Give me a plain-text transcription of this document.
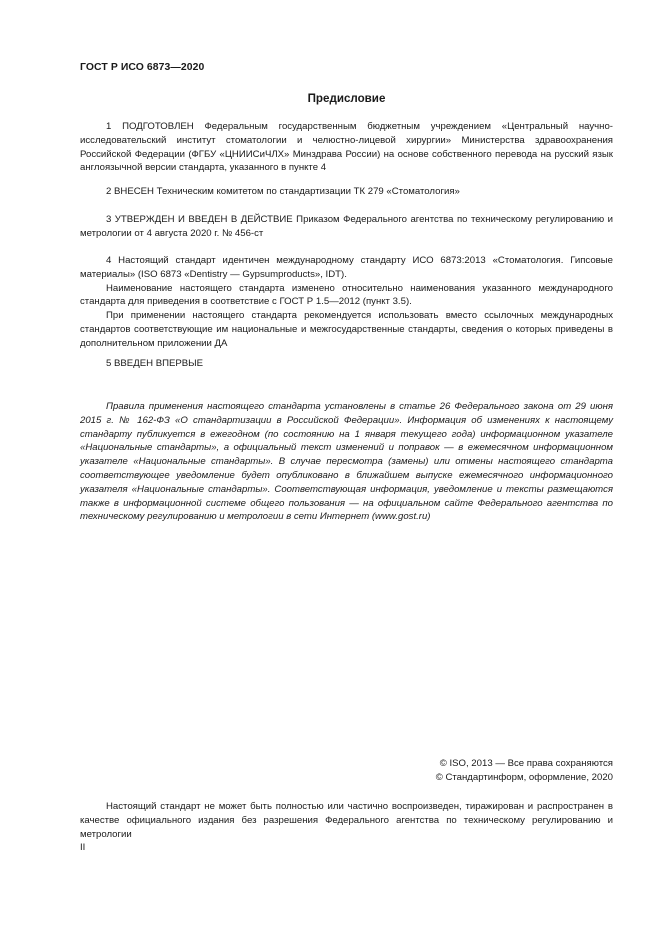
ГОСТ Р ИСО 6873—2020
Предисловие

1 ПОДГОТОВЛЕН Федеральным государственным бюджетным учреждением «Центральный научно-исследовательский институт стоматологии и челюстно-лицевой хирургии» Министерства здравоохранения Российской Федерации (ФГБУ «ЦНИИСиЧЛХ» Минздрава России) на основе собственного перевода на русский язык англоязычной версии стандарта, указанного в пункте 4

2 ВНЕСЕН Техническим комитетом по стандартизации ТК 279 «Стоматология»

3 УТВЕРЖДЕН И ВВЕДЕН В ДЕЙСТВИЕ Приказом Федерального агентства по техническому регулированию и метрологии от 4 августа 2020 г. № 456-ст

4 Настоящий стандарт идентичен международному стандарту ИСО 6873:2013 «Стоматология. Гипсовые материалы» (ISO 6873 «Dentistry — Gypsumproducts», IDT).

Наименование настоящего стандарта изменено относительно наименования указанного международного стандарта для приведения в соответствие с ГОСТ Р 1.5—2012 (пункт 3.5).

При применении настоящего стандарта рекомендуется использовать вместо ссылочных международных стандартов соответствующие им национальные и межгосударственные стандарты, сведения о которых приведены в дополнительном приложении ДА

5 ВВЕДЕН ВПЕРВЫЕ

Правила применения настоящего стандарта установлены в статье 26 Федерального закона от 29 июня 2015 г. № 162-ФЗ «О стандартизации в Российской Федерации». Информация об изменениях к настоящему стандарту публикуется в ежегодном (по состоянию на 1 января текущего года) информационном указателе «Национальные стандарты», а официальный текст изменений и поправок — в ежемесячном информационном указателе «Национальные стандарты». В случае пересмотра (замены) или отмены настоящего стандарта соответствующее уведомление будет опубликовано в ближайшем выпуске ежемесячного информационного указателя «Национальные стандарты». Соответствующая информация, уведомление и тексты размещаются также в информационной системе общего пользования — на официальном сайте Федерального агентства по техническому регулированию и метрологии в сети Интернет (www.gost.ru)
© ISO, 2013 — Все права сохраняются
© Стандартинформ, оформление, 2020
Настоящий стандарт не может быть полностью или частично воспроизведен, тиражирован и распространен в качестве официального издания без разрешения Федерального агентства по техническому регулированию и метрологии
II
